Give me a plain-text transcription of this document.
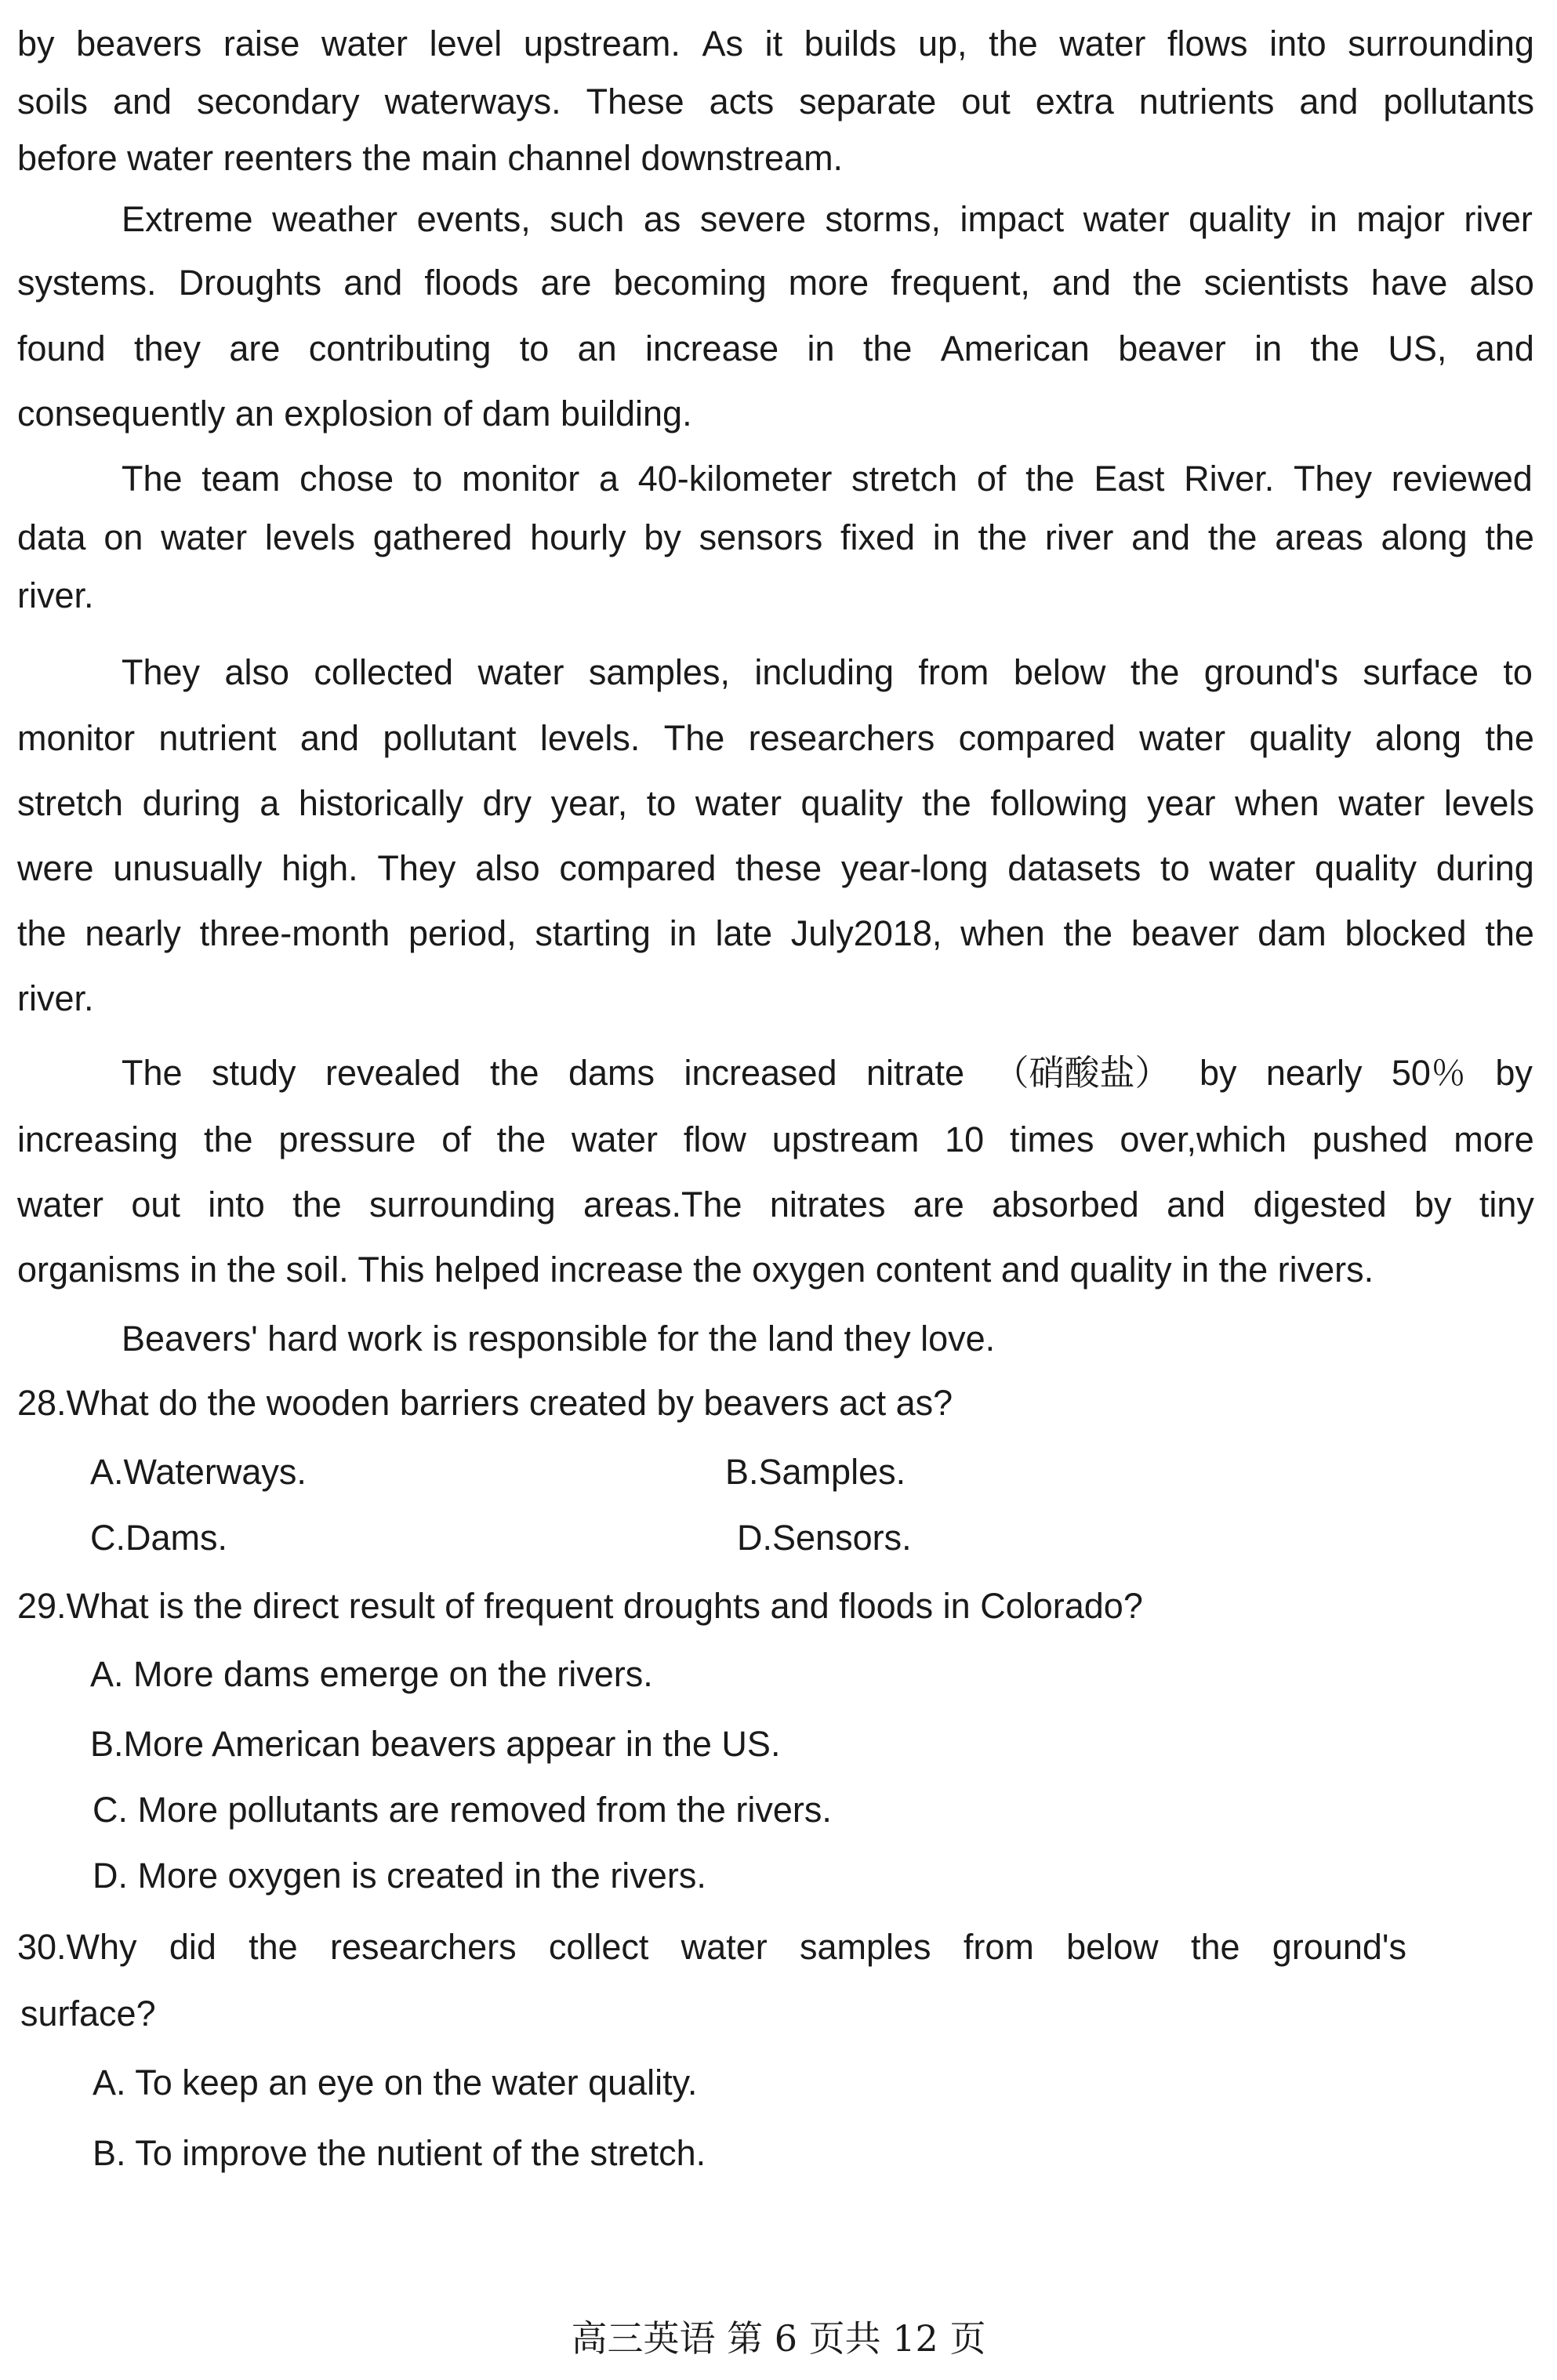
by beavers raise water level upstream. As it builds up, the water flows into surrounding
soils and secondary waterways. These acts separate out extra nutrients and pollutants
before water reenters the main channel downstream.
Extreme weather events, such as severe storms, impact water quality in major river
systems. Droughts and floods are becoming more frequent, and the scientists have also
found they are contributing to an increase in the American beaver in the US, and
consequently an explosion of dam building.
The team chose to monitor a 40-kilometer stretch of the East River. They reviewed
data on water levels gathered hourly by sensors fixed in the river and the areas along the
river.
They also collected water samples, including from below the ground's surface to
monitor nutrient and pollutant levels. The researchers compared water quality along the
stretch during a historically dry year, to water quality the following year when water levels
were unusually high. They also compared these year-long datasets to water quality during
the nearly three-month period, starting in late July2018, when the beaver dam blocked the
river.
The study revealed the dams increased nitrate （硝酸盐） by nearly 50％ by
increasing the pressure of the water flow upstream 10 times over,which pushed more
water out into the surrounding areas.The nitrates are absorbed and digested by tiny
organisms in the soil. This helped increase the oxygen content and quality in the rivers.
Beavers' hard work is responsible for the land they love.
28.What do the wooden barriers created by beavers act as?
A.Waterways.	B.Samples.
C.Dams.	D.Sensors.
29.What is the direct result of frequent droughts and floods in Colorado?
A. More dams emerge on the rivers.
B.More American beavers appear in the US.
C. More pollutants are removed from the rivers.
D. More oxygen is created in the rivers.
30.Why did the researchers collect water samples from below the ground's
surface?
A. To keep an eye on the water quality.
B. To improve the nutient of the stretch.
高三英语 第 6 页共 12 页
